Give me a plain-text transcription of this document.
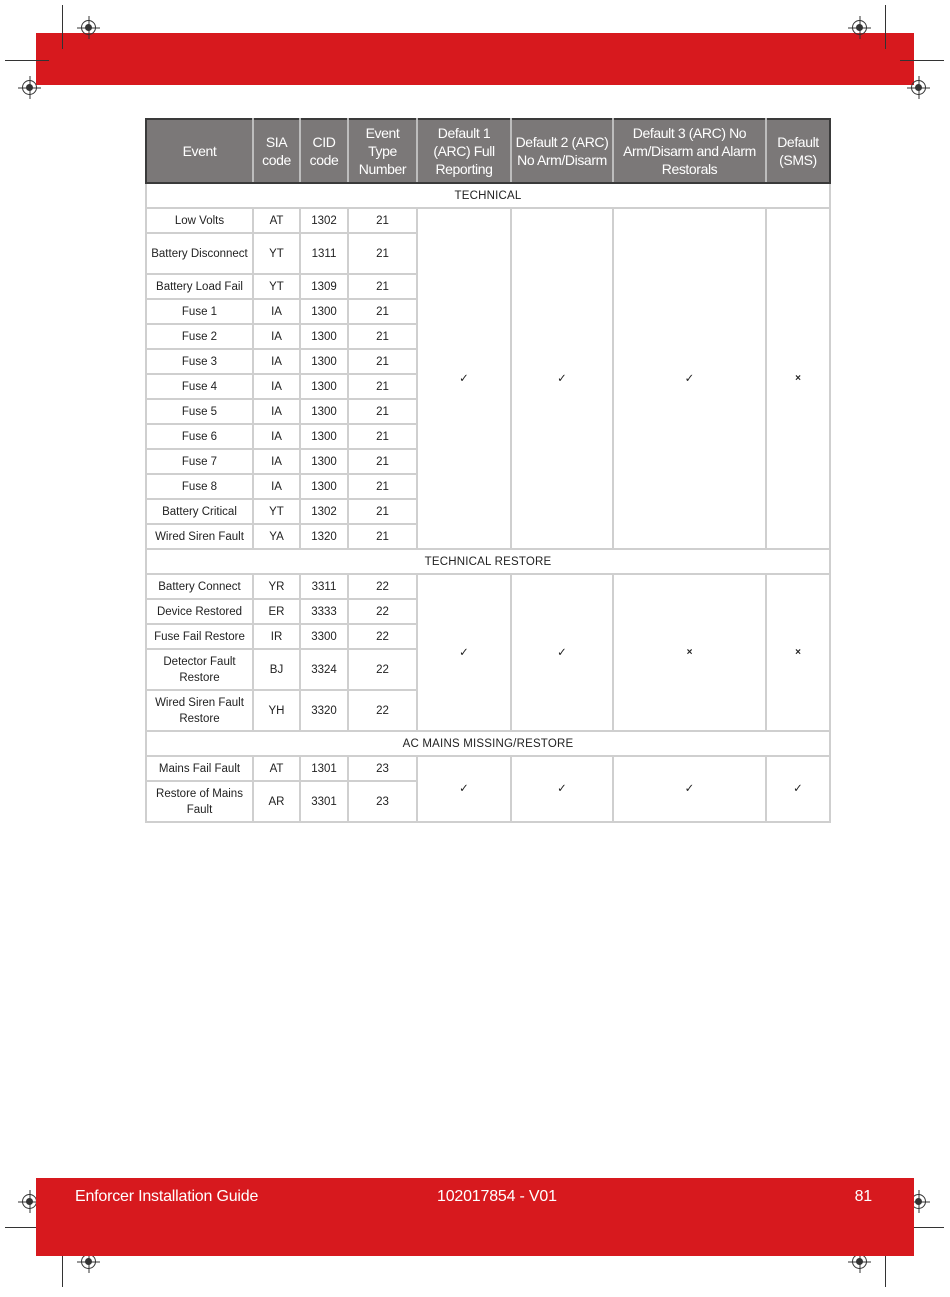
Event	SIA code	CID code	Event Type Number	Default 1 (ARC) Full Reporting	Default 2 (ARC) No Arm/Disarm	Default 3 (ARC) No Arm/Disarm and Alarm Restorals	Default (SMS)
TECHNICAL							
Low Volts	AT	1302	21	✓	✓	✓	×
Battery Disconnect	YT	1311	21				
Battery Load Fail	YT	1309	21				
Fuse 1	IA	1300	21				
Fuse 2	IA	1300	21				
Fuse 3	IA	1300	21				
Fuse 4	IA	1300	21				
Fuse 5	IA	1300	21				
Fuse 6	IA	1300	21				
Fuse 7	IA	1300	21				
Fuse 8	IA	1300	21				
Battery Critical	YT	1302	21				
Wired Siren Fault	YA	1320	21				
TECHNICAL RESTORE							
Battery Connect	YR	3311	22	✓	✓	×	×
Device Restored	ER	3333	22				
Fuse Fail Restore	IR	3300	22				
Detector Fault Restore	BJ	3324	22				
Wired Siren Fault Restore	YH	3320	22				
AC MAINS MISSING/RESTORE							
Mains Fail Fault	AT	1301	23	✓	✓	✓	✓
Restore of Mains Fault	AR	3301	23				
Enforcer Installation Guide	102017854 - V01	81
